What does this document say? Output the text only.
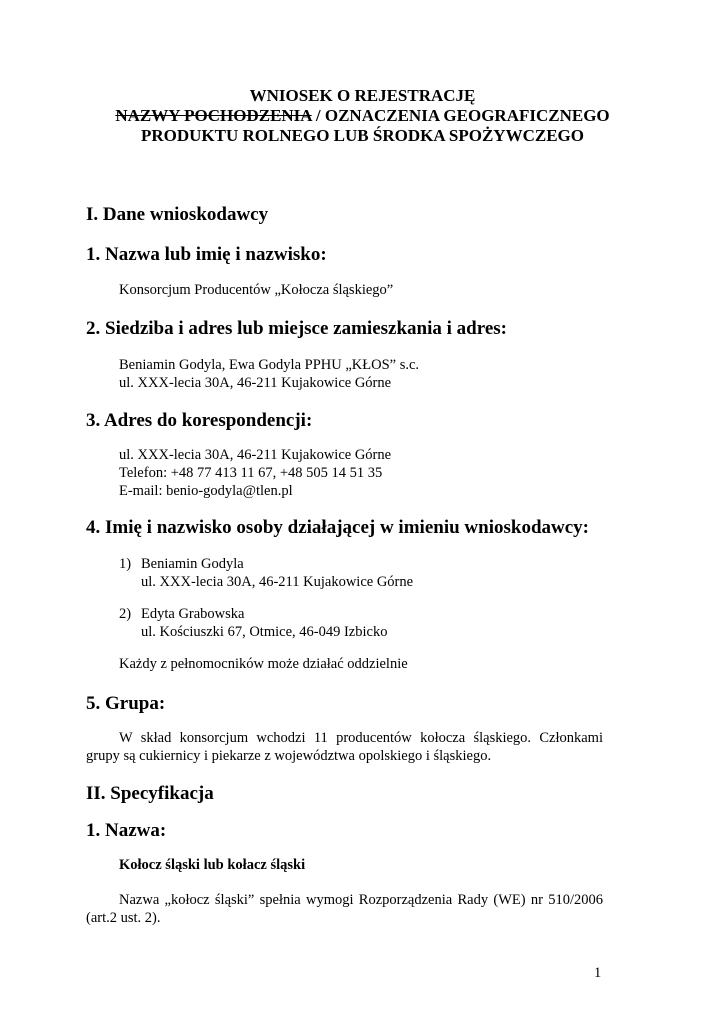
WNIOSEK O REJESTRACJĘ
NAZWY POCHODZENIA / OZNACZENIA GEOGRAFICZNEGO
PRODUKTU ROLNEGO LUB ŚRODKA SPOŻYWCZEGO
I. Dane wnioskodawcy
1. Nazwa lub imię i nazwisko:
Konsorcjum Producentów „Kołocza śląskiego”
2. Siedziba i adres lub miejsce zamieszkania i adres:
Beniamin Godyla, Ewa Godyla PPHU „KŁOS” s.c.
ul. XXX-lecia 30A, 46-211 Kujakowice Górne
3. Adres do korespondencji:
ul. XXX-lecia 30A, 46-211 Kujakowice Górne
Telefon: +48 77 413 11 67, +48 505 14 51 35
E-mail: benio-godyla@tlen.pl
4. Imię i nazwisko osoby działającej w imieniu wnioskodawcy:
1) Beniamin Godyla
ul. XXX-lecia 30A, 46-211 Kujakowice Górne
2) Edyta Grabowska
ul. Kościuszki 67, Otmice, 46-049 Izbicko
Każdy z pełnomocników może działać oddzielnie
5. Grupa:
W skład konsorcjum wchodzi 11 producentów kołocza śląskiego. Członkami grupy są cukiernicy i piekarze z województwa opolskiego i śląskiego.
II. Specyfikacja
1. Nazwa:
Kołocz śląski lub kołacz śląski
Nazwa „kołocz śląski” spełnia wymogi Rozporządzenia Rady (WE) nr 510/2006 (art.2 ust. 2).
1
